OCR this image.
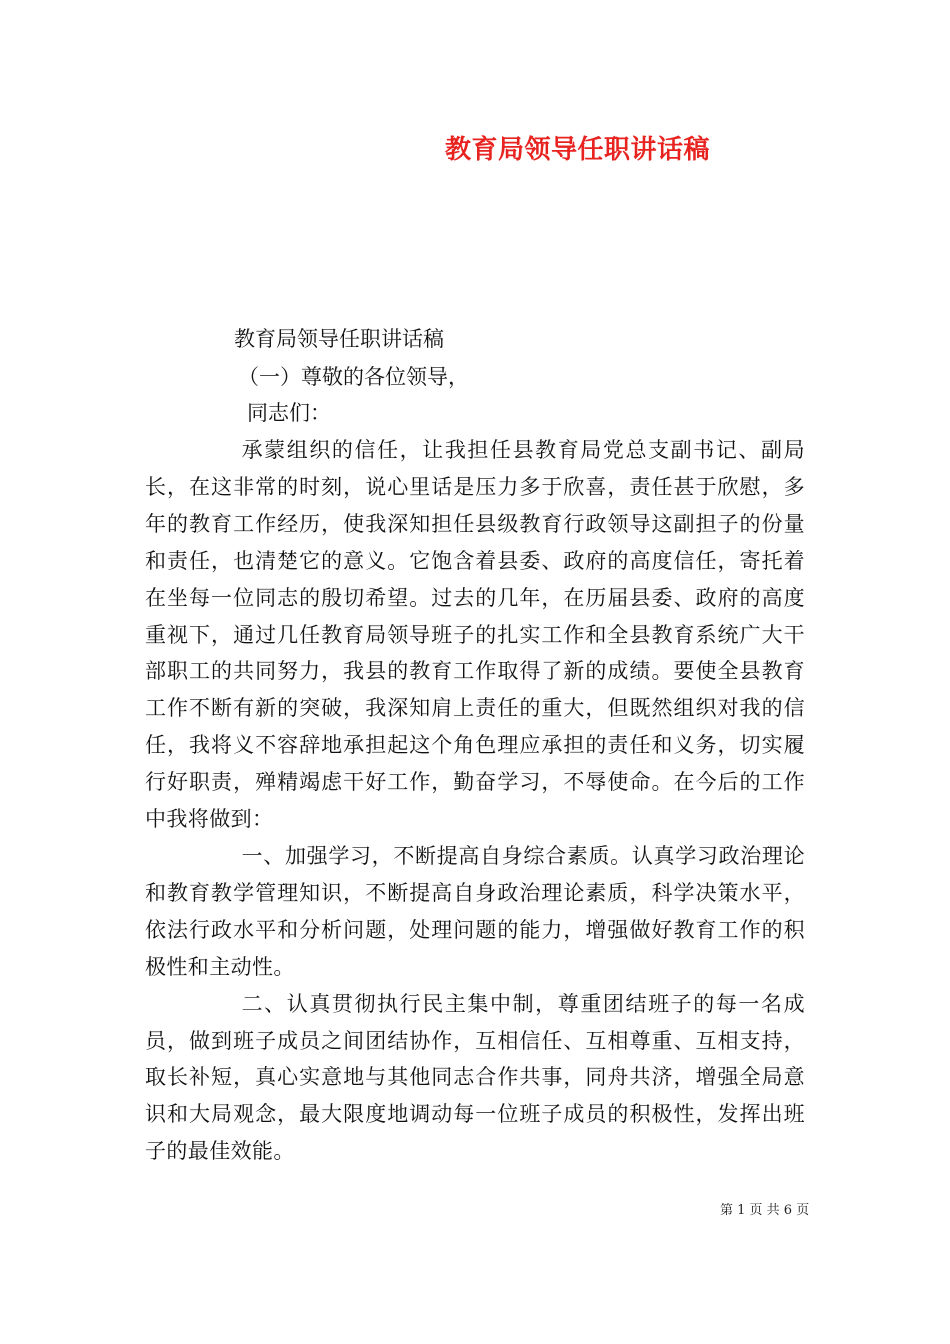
教育局领导任职讲话稿
教育局领导任职讲话稿
（一）尊敬的各位领导，
同志们：

承蒙组织的信任，让我担任县教育局党总支副书记、副局长，在这非常的时刻，说心里话是压力多于欣喜，责任甚于欣慰，多年的教育工作经历，使我深知担任县级教育行政领导这副担子的份量和责任，也清楚它的意义。它饱含着县委、政府的高度信任，寄托着在坐每一位同志的殷切希望。过去的几年，在历届县委、政府的高度重视下，通过几任教育局领导班子的扎实工作和全县教育系统广大干部职工的共同努力，我县的教育工作取得了新的成绩。要使全县教育工作不断有新的突破，我深知肩上责任的重大，但既然组织对我的信任，我将义不容辞地承担起这个角色理应承担的责任和义务，切实履行好职责，殚精竭虑干好工作，勤奋学习，不辱使命。在今后的工作中我将做到：

一、加强学习，不断提高自身综合素质。认真学习政治理论和教育教学管理知识，不断提高自身政治理论素质，科学决策水平，依法行政水平和分析问题，处理问题的能力，增强做好教育工作的积极性和主动性。

二、认真贯彻执行民主集中制，尊重团结班子的每一名成员，做到班子成员之间团结协作，互相信任、互相尊重、互相支持，取长补短，真心实意地与其他同志合作共事，同舟共济，增强全局意识和大局观念，最大限度地调动每一位班子成员的积极性，发挥出班子的最佳效能。

第 1 页 共 6 页
